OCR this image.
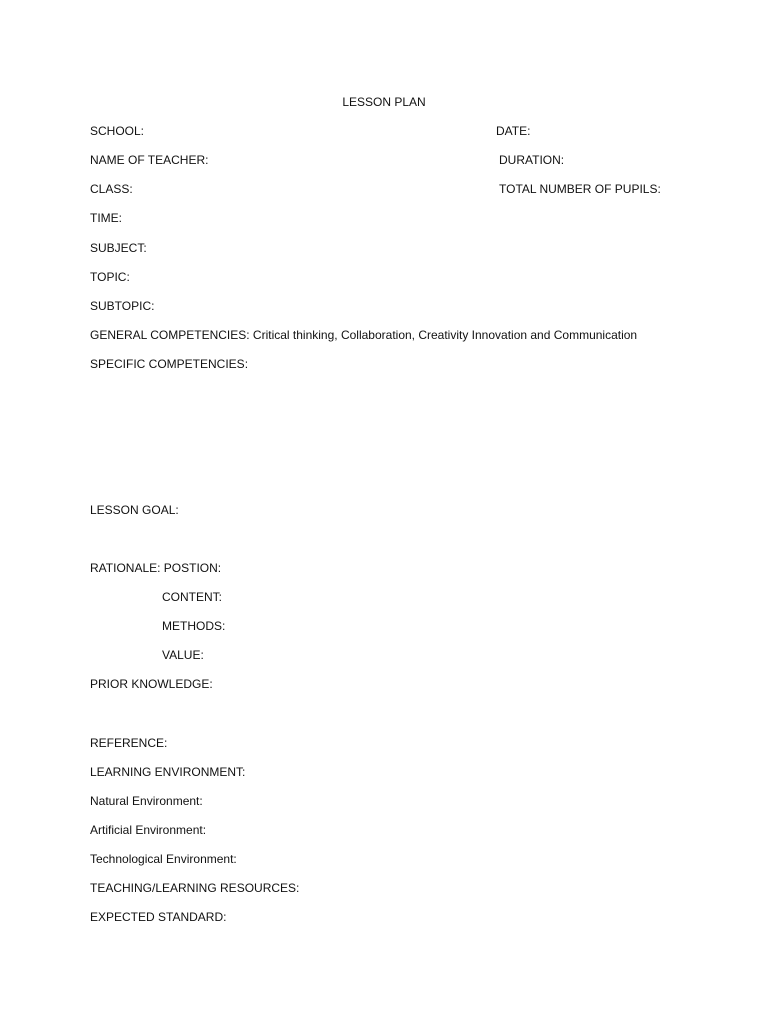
LESSON PLAN
SCHOOL:	DATE:
NAME OF TEACHER:	DURATION:
CLASS:	TOTAL NUMBER OF PUPILS:
TIME:
SUBJECT:
TOPIC:
SUBTOPIC:
GENERAL COMPETENCIES: Critical thinking, Collaboration, Creativity Innovation and Communication
SPECIFIC COMPETENCIES:
LESSON GOAL:
RATIONALE: POSTION:
CONTENT:
METHODS:
VALUE:
PRIOR KNOWLEDGE:
REFERENCE:
LEARNING ENVIRONMENT:
Natural Environment:
Artificial Environment:
Technological Environment:
TEACHING/LEARNING RESOURCES:
EXPECTED STANDARD:
